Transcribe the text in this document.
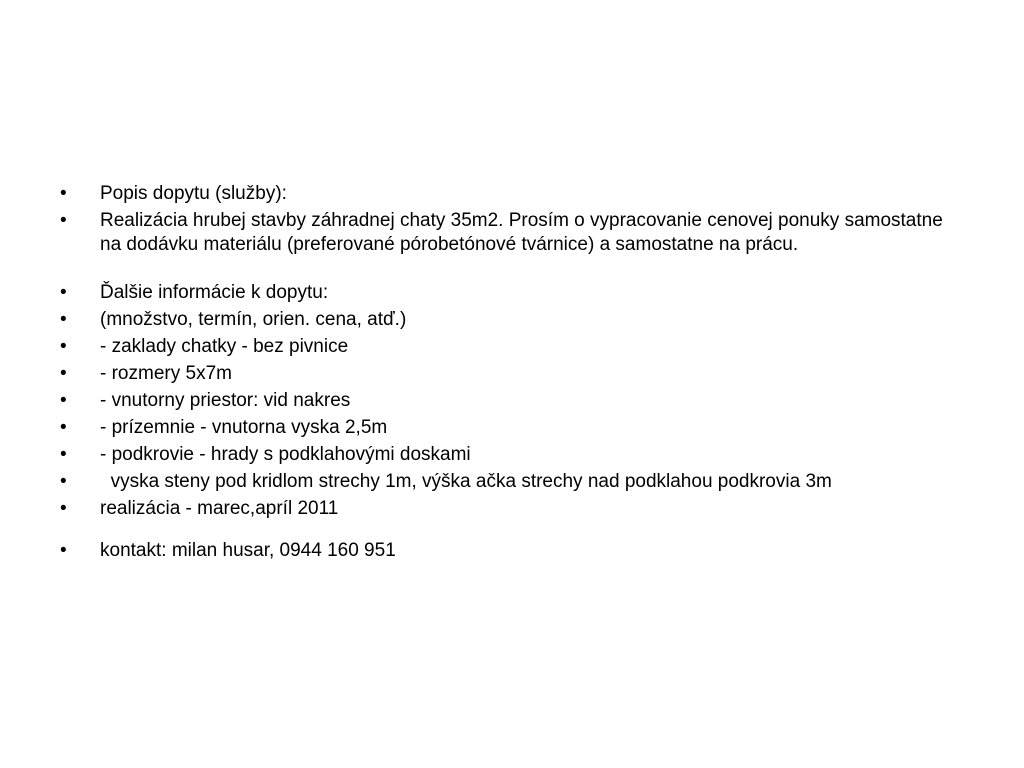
•	Popis dopytu (služby):
•	Realizácia hrubej stavby záhradnej chaty 35m2. Prosím o vypracovanie cenovej ponuky samostatne na dodávku materiálu (preferované pórobetónové tvárnice) a samostatne na prácu.
•	Ďalšie informácie k dopytu:
•	(množstvo, termín, orien. cena, atď.)
•	- zaklady chatky - bez pivnice
•	- rozmery 5x7m
•	- vnutorny priestor: vid nakres
•	- prízemnie - vnutorna vyska 2,5m
•	- podkrovie - hrady s podklahovými doskami
•	vyska steny pod kridlom strechy 1m, výška ačka strechy nad podklahou podkrovia 3m
•	realizácia - marec,apríl 2011
•	kontakt: milan husar, 0944 160 951
